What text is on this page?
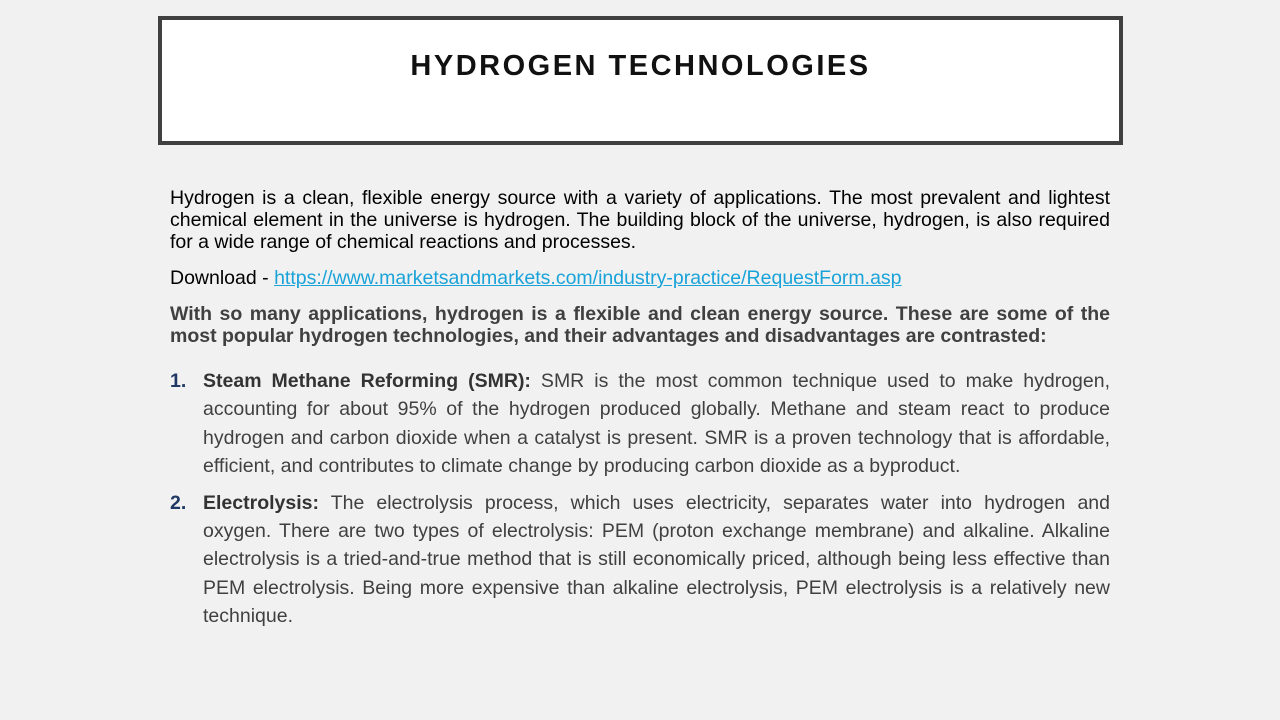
HYDROGEN TECHNOLOGIES

Hydrogen is a clean, flexible energy source with a variety of applications. The most prevalent and lightest chemical element in the universe is hydrogen. The building block of the universe, hydrogen, is also required for a wide range of chemical reactions and processes.

Download - https://www.marketsandmarkets.com/industry-practice/RequestForm.asp

With so many applications, hydrogen is a flexible and clean energy source. These are some of the most popular hydrogen technologies, and their advantages and disadvantages are contrasted:

1. Steam Methane Reforming (SMR): SMR is the most common technique used to make hydrogen, accounting for about 95% of the hydrogen produced globally. Methane and steam react to produce hydrogen and carbon dioxide when a catalyst is present. SMR is a proven technology that is affordable, efficient, and contributes to climate change by producing carbon dioxide as a byproduct.
2. Electrolysis: The electrolysis process, which uses electricity, separates water into hydrogen and oxygen. There are two types of electrolysis: PEM (proton exchange membrane) and alkaline. Alkaline electrolysis is a tried-and-true method that is still economically priced, although being less effective than PEM electrolysis. Being more expensive than alkaline electrolysis, PEM electrolysis is a relatively new technique.
